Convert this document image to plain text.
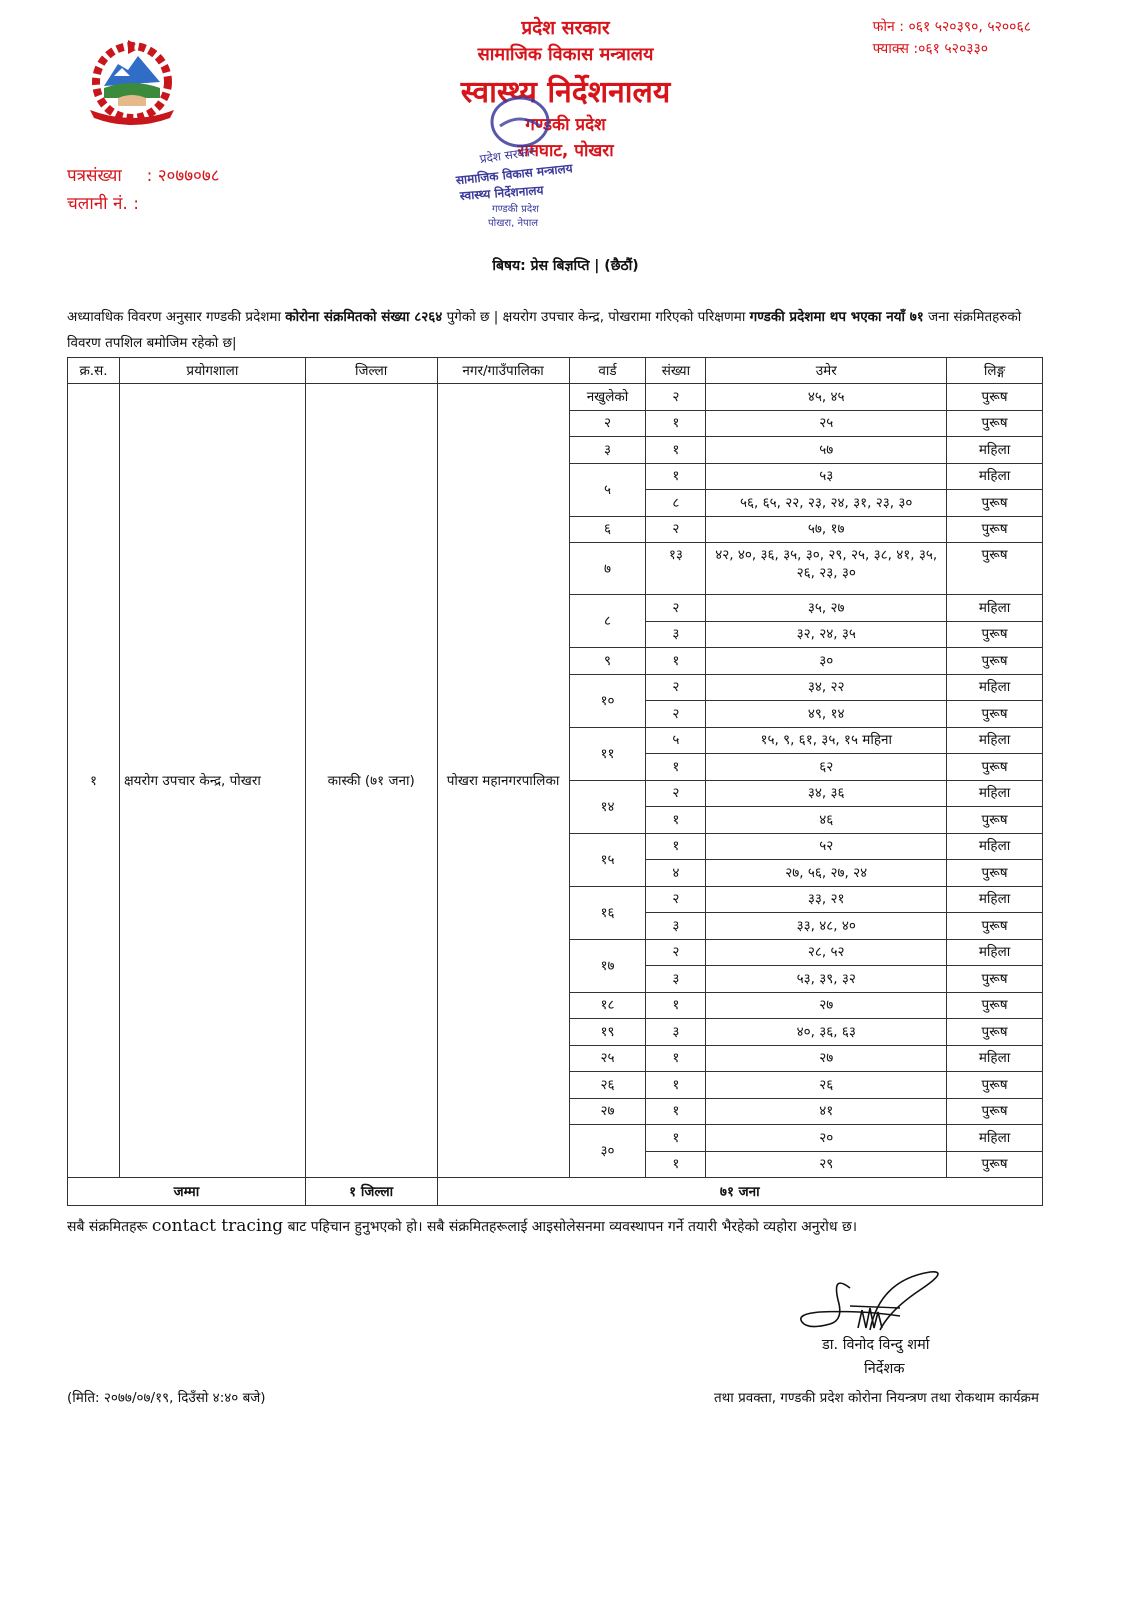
प्रदेश सरकार
सामाजिक विकास मन्त्रालय
स्वास्थ्य निर्देशनालय
गण्डकी प्रदेश
रामघाट, पोखरा
प्रदेश सरकार
सामाजिक विकास मन्त्रालय
स्वास्थ्य निर्देशनालय
गण्डकी प्रदेश
पोखरा, नेपाल
फोन : ०६१ ५२०३९०, ५२००६८
फ्याक्स :०६१ ५२०३३०
पत्रसंख्या : २०७७०७८
चलानी नं. :
बिषय: प्रेस बिज्ञप्ति | (छैठौं)
अध्यावधिक विवरण अनुसार गण्डकी प्रदेशमा कोरोना संक्रमितको संख्या ८२६४ पुगेको छ | क्षयरोग उपचार केन्द्र, पोखरामा गरिएको परिक्षणमा गण्डकी प्रदेशमा थप भएका नयाँ ७१ जना संक्रमितहरुको विवरण तपशिल बमोजिम रहेको छ|
क्र.स.	प्रयोगशाला	जिल्ला	नगर/गाउँपालिका	वार्ड	संख्या	उमेर	लिङ्ग
१	क्षयरोग उपचार केन्द्र, पोखरा	कास्की (७१ जना)	पोखरा महानगरपालिका	नखुलेको	२	४५, ४५	पुरूष
				२	१	२५	पुरूष
				३	१	५७	महिला
				५	१	५३	महिला
					८	५६, ६५, २२, २३, २४, ३१, २३, ३०	पुरूष
				६	२	५७, १७	पुरूष
				७	१३	४२, ४०, ३६, ३५, ३०, २९, २५, ३८, ४१, ३५, २६, २३, ३०	पुरूष
				८	२	३५, २७	महिला
					३	३२, २४, ३५	पुरूष
				९	१	३०	पुरूष
				१०	२	३४, २२	महिला
					२	४९, १४	पुरूष
				११	५	१५, ९, ६१, ३५, १५ महिना	महिला
					१	६२	पुरूष
				१४	२	३४, ३६	महिला
					१	४६	पुरूष
				१५	१	५२	महिला
					४	२७, ५६, २७, २४	पुरूष
				१६	२	३३, २१	महिला
					३	३३, ४८, ४०	पुरूष
				१७	२	२८, ५२	महिला
					३	५३, ३९, ३२	पुरूष
				१८	१	२७	पुरूष
				१९	३	४०, ३६, ६३	पुरूष
				२५	१	२७	महिला
				२६	१	२६	पुरूष
				२७	१	४१	पुरूष
				३०	१	२०	महिला
					१	२९	पुरूष
जम्मा		१ जिल्ला	७१ जना				
सबै संक्रमितहरू contact tracing बाट पहिचान हुनुभएको हो। सबै संक्रमितहरूलाई आइसोलेसनमा व्यवस्थापन गर्ने तयारी भैरहेको व्यहोरा अनुरोध छ।
डा. विनोद विन्दु शर्मा
निर्देशक
(मिति: २०७७/०७/१९, दिउँसो ४:४० बजे)	तथा प्रवक्ता, गण्डकी प्रदेश कोरोना नियन्त्रण तथा रोकथाम कार्यक्रम
